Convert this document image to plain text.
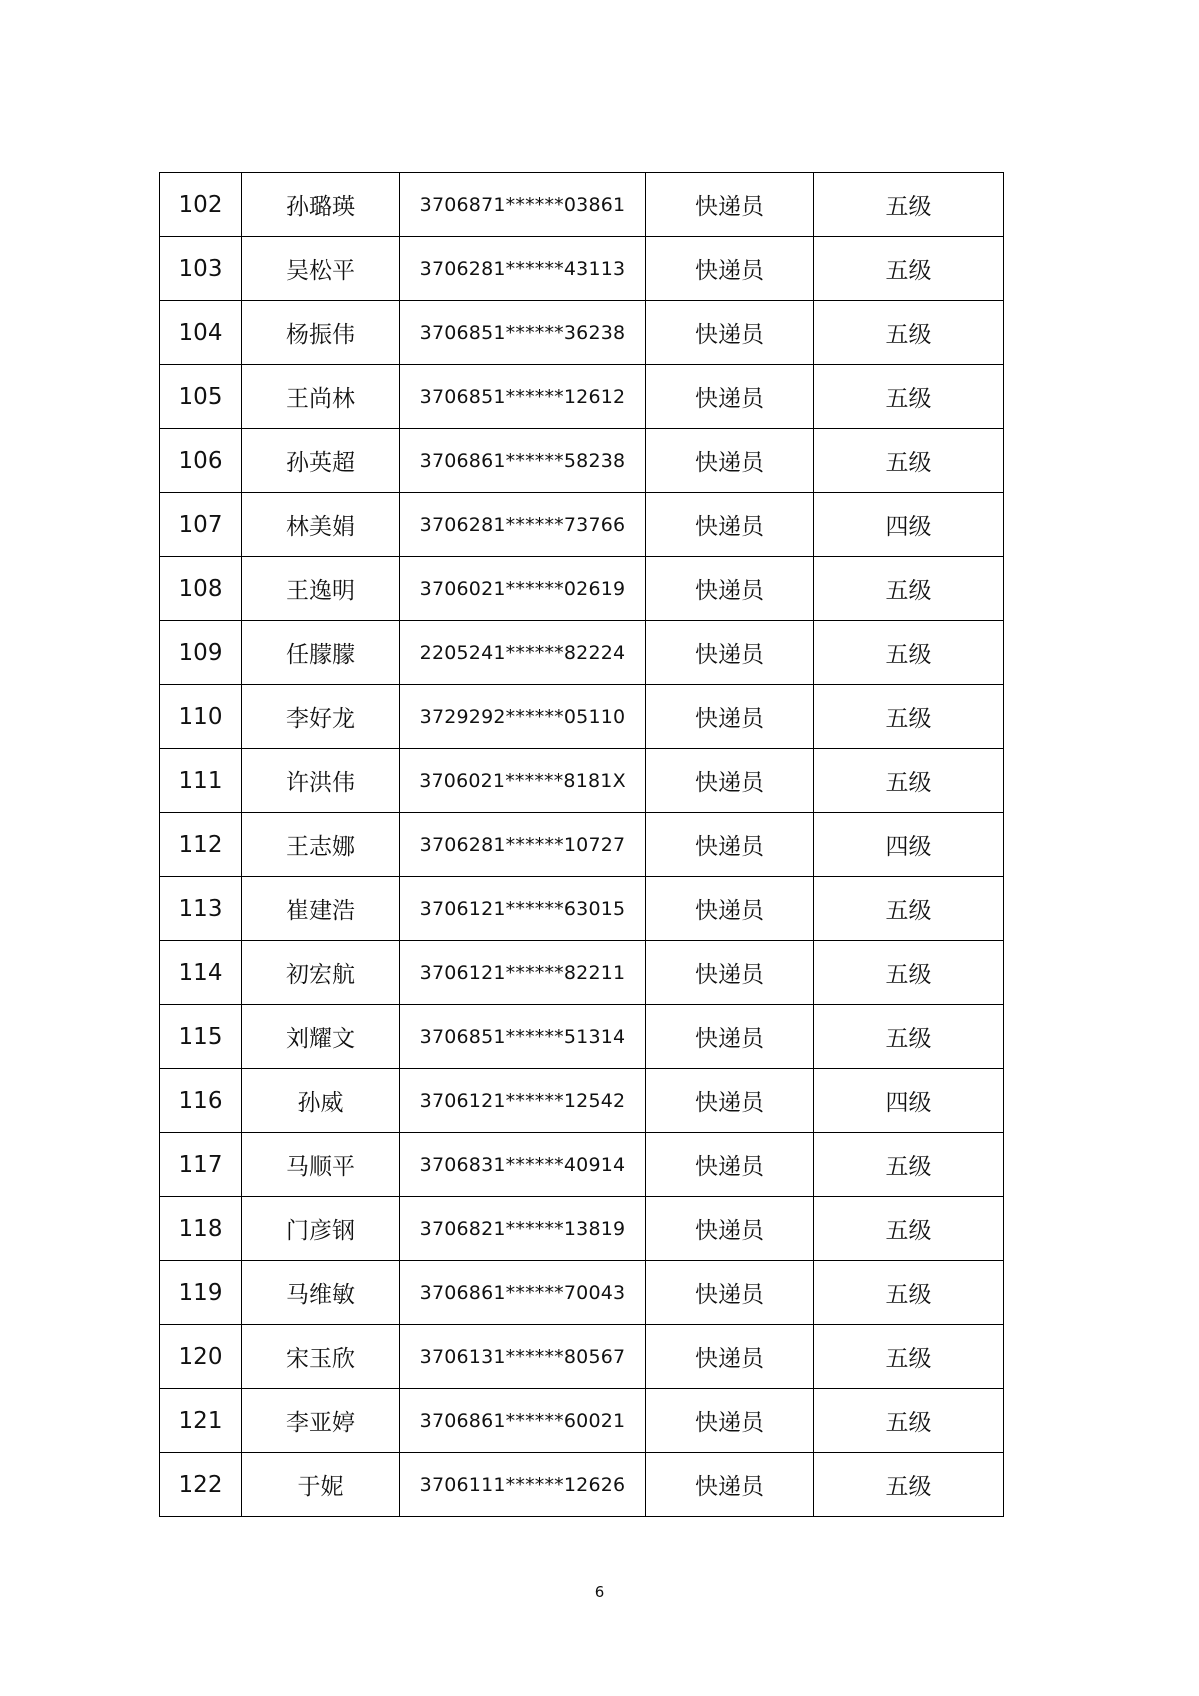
102	孙璐瑛	3706871******03861	快递员	五级
103	吴松平	3706281******43113	快递员	五级
104	杨振伟	3706851******36238	快递员	五级
105	王尚林	3706851******12612	快递员	五级
106	孙英超	3706861******58238	快递员	五级
107	林美娟	3706281******73766	快递员	四级
108	王逸明	3706021******02619	快递员	五级
109	任朦朦	2205241******82224	快递员	五级
110	李好龙	3729292******05110	快递员	五级
111	许洪伟	3706021******8181X	快递员	五级
112	王志娜	3706281******10727	快递员	四级
113	崔建浩	3706121******63015	快递员	五级
114	初宏航	3706121******82211	快递员	五级
115	刘耀文	3706851******51314	快递员	五级
116	孙威	3706121******12542	快递员	四级
117	马顺平	3706831******40914	快递员	五级
118	门彦钢	3706821******13819	快递员	五级
119	马维敏	3706861******70043	快递员	五级
120	宋玉欣	3706131******80567	快递员	五级
121	李亚婷	3706861******60021	快递员	五级
122	于妮	3706111******12626	快递员	五级
6
